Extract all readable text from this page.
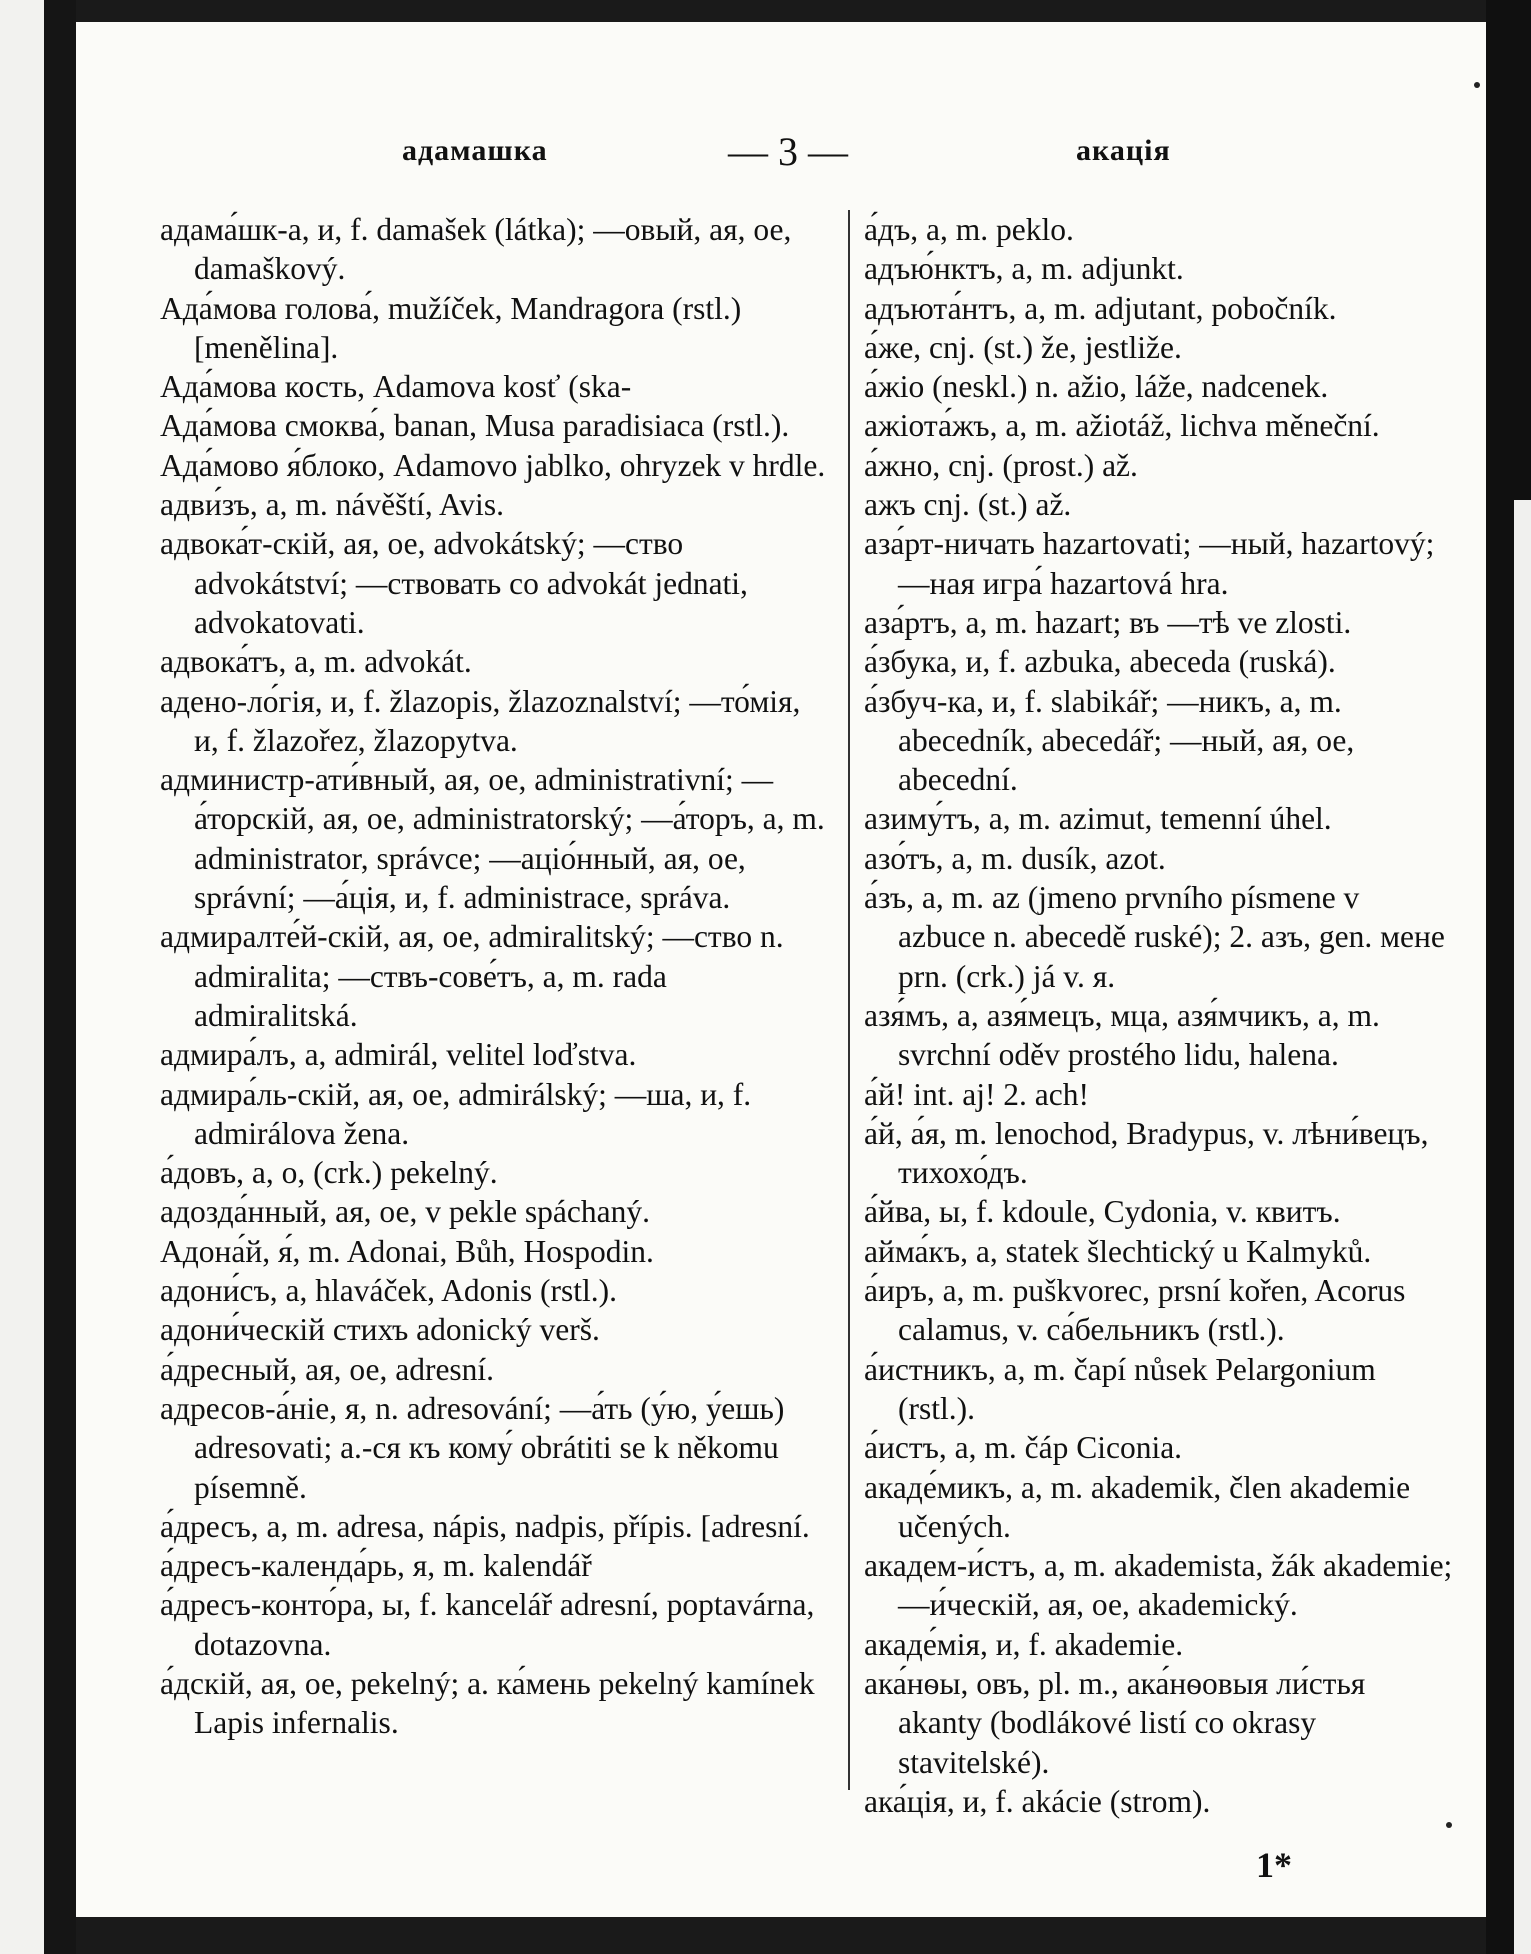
адамашка	— 3 —	акація

адама́шк-а, и, f. damašek (látka); —овый, ая, ое, damaškový.

Ада́мова голова́, mužíček, Mandragora (rstl.) [menělina].

Ада́мова кость, Adamova kosť (ska-

Ада́мова смоква́, banan, Musa paradisiaca (rstl.).

Ада́мово я́блоко, Adamovo jablko, ohryzek v hrdle.

адви́зъ, а, m. návěští, Avis.

адвока́т-скій, ая, ое, advokátský; —ство advokátství; —ствовать co advokát jednati, advokatovati.

адвока́тъ, а, m. advokát.

адено-ло́гія, и, f. žlazopis, žlazoznalství; —то́мія, и, f. žlazořez, žlazopytva.

администр-ати́вный, ая, ое, administrativní; —а́торскій, ая, ое, administratorský; —а́торъ, а, m. administrator, správce; —аціо́нный, ая, ое, správní; —а́ція, и, f. administrace, správa.

адмиралте́й-скій, ая, ое, admiralitský; —ство n. admiralita; —ствъ-сове́тъ, а, m. rada admiralitská.

адмира́лъ, а, admirál, velitel loďstva.

адмира́ль-скій, ая, ое, admirálský; —ша, и, f. admirálova žena.

а́довъ, а, о, (crk.) pekelný.

адозда́нный, ая, ое, v pekle spáchaný.

Адона́й, я́, m. Adonai, Bůh, Hospodin.

адони́съ, а, hlaváček, Adonis (rstl.).

адони́ческій стихъ adonický verš.

а́дресный, ая, ое, adresní.

адресов-а́ніе, я, n. adresování; —а́ть (у́ю, у́ешь) adresovati; а.-ся къ кому́ obrátiti se k někomu písemně.

а́дресъ, а, m. adresa, nápis, nadpis, přípis. [adresní.

а́дресъ-календа́рь, я, m. kalendář

а́дресъ-конто́ра, ы, f. kancelář adresní, poptavárna, dotazovna.

а́дскій, ая, ое, pekelný; а. ка́мень pekelný kamínek Lapis infernalis.

а́дъ, а, m. peklo.

адъю́нктъ, а, m. adjunkt.

адъюта́нтъ, а, m. adjutant, pobočník.

а́же, cnj. (st.) že, jestliže.

а́жіо (neskl.) n. ažio, láže, nadcenek.

ажіота́жъ, а, m. ažiotáž, lichva měneční.

а́жно, cnj. (prost.) až.

ажъ cnj. (st.) až.

аза́рт-ничать hazartovati; —ный, hazartový; —ная игра́ hazartová hra.

аза́ртъ, а, m. hazart; въ —тѣ ve zlosti.

а́збука, и, f. azbuka, abeceda (ruská).

а́збуч-ка, и, f. slabikář; —никъ, а, m. abecedník, abecedář; —ный, ая, ое, abecední.

азиму́тъ, а, m. azimut, temenní úhel.

азо́тъ, а, m. dusík, azot.

а́зъ, а, m. az (jmeno prvního písmene v azbuce n. abecedě ruské); 2. азъ, gen. мене prn. (crk.) já v. я.

азя́мъ, а, азя́мецъ, мца, азя́мчикъ, а, m. svrchní oděv prostého lidu, halena.

а́й! int. aj! 2. ach!

а́й, а́я, m. lenochod, Bradypus, v. лѣни́вецъ, тихохо́дъ.

а́йва, ы, f. kdoule, Cydonia, v. квитъ.

айма́къ, а, statek šlechtický u Kalmyků.

а́иръ, а, m. puškvorec, prsní kořen, Acorus calamus, v. са́бельникъ (rstl.).

а́истникъ, а, m. čapí nůsek Pelargonium (rstl.).

а́истъ, а, m. čáp Ciconia.

акаде́микъ, а, m. akademik, člen akademie učených.

академ-и́стъ, а, m. akademista, žák akademie; —и́ческій, ая, ое, akademický.

акаде́мія, и, f. akademie.

ака́нѳы, овъ, pl. m., ака́нѳовыя ли́стья akanty (bodlákové listí co okrasy stavitelské).

ака́ція, и, f. akácie (strom).

1*
